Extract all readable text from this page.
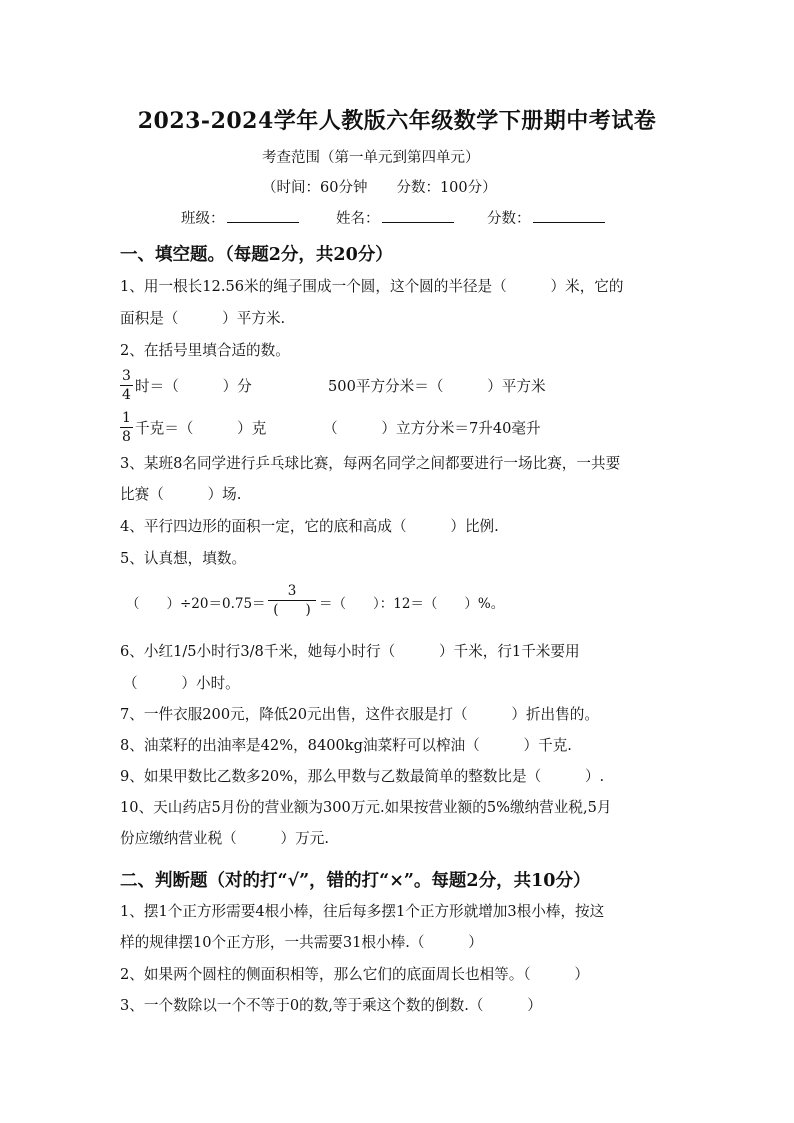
2023-2024学年人教版六年级数学下册期中考试卷
考查范围（第一单元到第四单元）
（时间：60分钟　　分数：100分）
班级：	姓名：	分数：
一、填空题。（每题2分，共20分）
1、用一根长12.56米的绳子围成一个圆，这个圆的半径是（　　　）米，它的
面积是（　　　）平方米.
2、在括号里填合适的数。
3
4 时＝（　　　）分	500平方分米＝（　　　）平方米
1
8 千克＝（　　　）克	（　　　）立方分米＝7升40毫升
3、某班8名同学进行乒乓球比赛，每两名同学之间都要进行一场比赛，一共要
比赛（　　　）场.
4、平行四边形的面积一定，它的底和高成（　　　）比例.
5、认真想，填数。
（　　）÷20＝0.75＝
3
(　　) ＝（　　）：12＝（　　）%。
6、小红1/5小时行3/8千米，她每小时行（　　　）千米，行1千米要用
（　　　）小时。
7、一件衣服200元，降低20元出售，这件衣服是打（　　　）折出售的。
8、油菜籽的出油率是42%，8400kg油菜籽可以榨油（　　　）千克.
9、如果甲数比乙数多20%，那么甲数与乙数最简单的整数比是（　　　）.
10、天山药店5月份的营业额为300万元.如果按营业额的5%缴纳营业税,5月
份应缴纳营业税（　　　）万元.
二、判断题（对的打“√”，错的打“×”。每题2分，共10分）
1、摆1个正方形需要4根小棒，往后每多摆1个正方形就增加3根小棒，按这
样的规律摆10个正方形，一共需要31根小棒.（　　　）
2、如果两个圆柱的侧面积相等，那么它们的底面周长也相等。（　　　）
3、一个数除以一个不等于0的数,等于乘这个数的倒数.（　　　）
